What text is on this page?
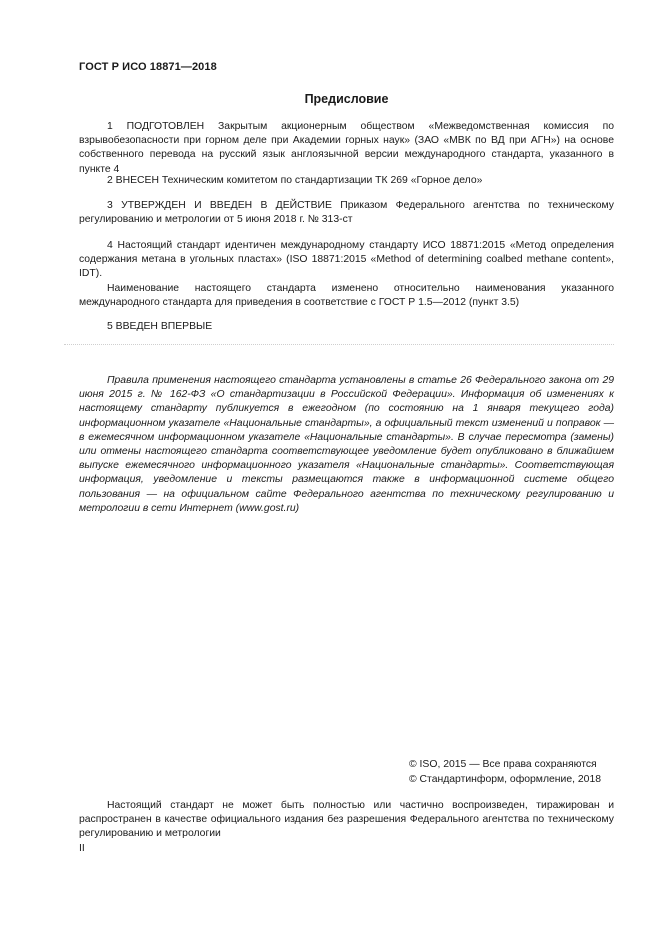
ГОСТ Р ИСО 18871—2018
Предисловие

1 ПОДГОТОВЛЕН Закрытым акционерным обществом «Межведомственная комиссия по взрывобезопасности при горном деле при Академии горных наук» (ЗАО «МВК по ВД при АГН») на основе собственного перевода на русский язык англоязычной версии международного стандарта, указанного в пункте 4

2 ВНЕСЕН Техническим комитетом по стандартизации ТК 269 «Горное дело»

3 УТВЕРЖДЕН И ВВЕДЕН В ДЕЙСТВИЕ Приказом Федерального агентства по техническому регулированию и метрологии от 5 июня 2018 г. № 313-ст

4 Настоящий стандарт идентичен международному стандарту ИСО 18871:2015 «Метод определения содержания метана в угольных пластах» (ISO 18871:2015 «Method of determining coalbed methane content», IDT).

Наименование настоящего стандарта изменено относительно наименования указанного международного стандарта для приведения в соответствие с ГОСТ Р 1.5—2012 (пункт 3.5)

5 ВВЕДЕН ВПЕРВЫЕ

Правила применения настоящего стандарта установлены в статье 26 Федерального закона от 29 июня 2015 г. № 162-ФЗ «О стандартизации в Российской Федерации». Информация об изменениях к настоящему стандарту публикуется в ежегодном (по состоянию на 1 января текущего года) информационном указателе «Национальные стандарты», а официальный текст изменений и поправок — в ежемесячном информационном указателе «Национальные стандарты». В случае пересмотра (замены) или отмены настоящего стандарта соответствующее уведомление будет опубликовано в ближайшем выпуске ежемесячного информационного указателя «Национальные стандарты». Соответствующая информация, уведомление и тексты размещаются также в информационной системе общего пользования — на официальном сайте Федерального агентства по техническому регулированию и метрологии в сети Интернет (www.gost.ru)
© ISO, 2015 — Все права сохраняются
© Стандартинформ, оформление, 2018
Настоящий стандарт не может быть полностью или частично воспроизведен, тиражирован и распространен в качестве официального издания без разрешения Федерального агентства по техническому регулированию и метрологии
II
